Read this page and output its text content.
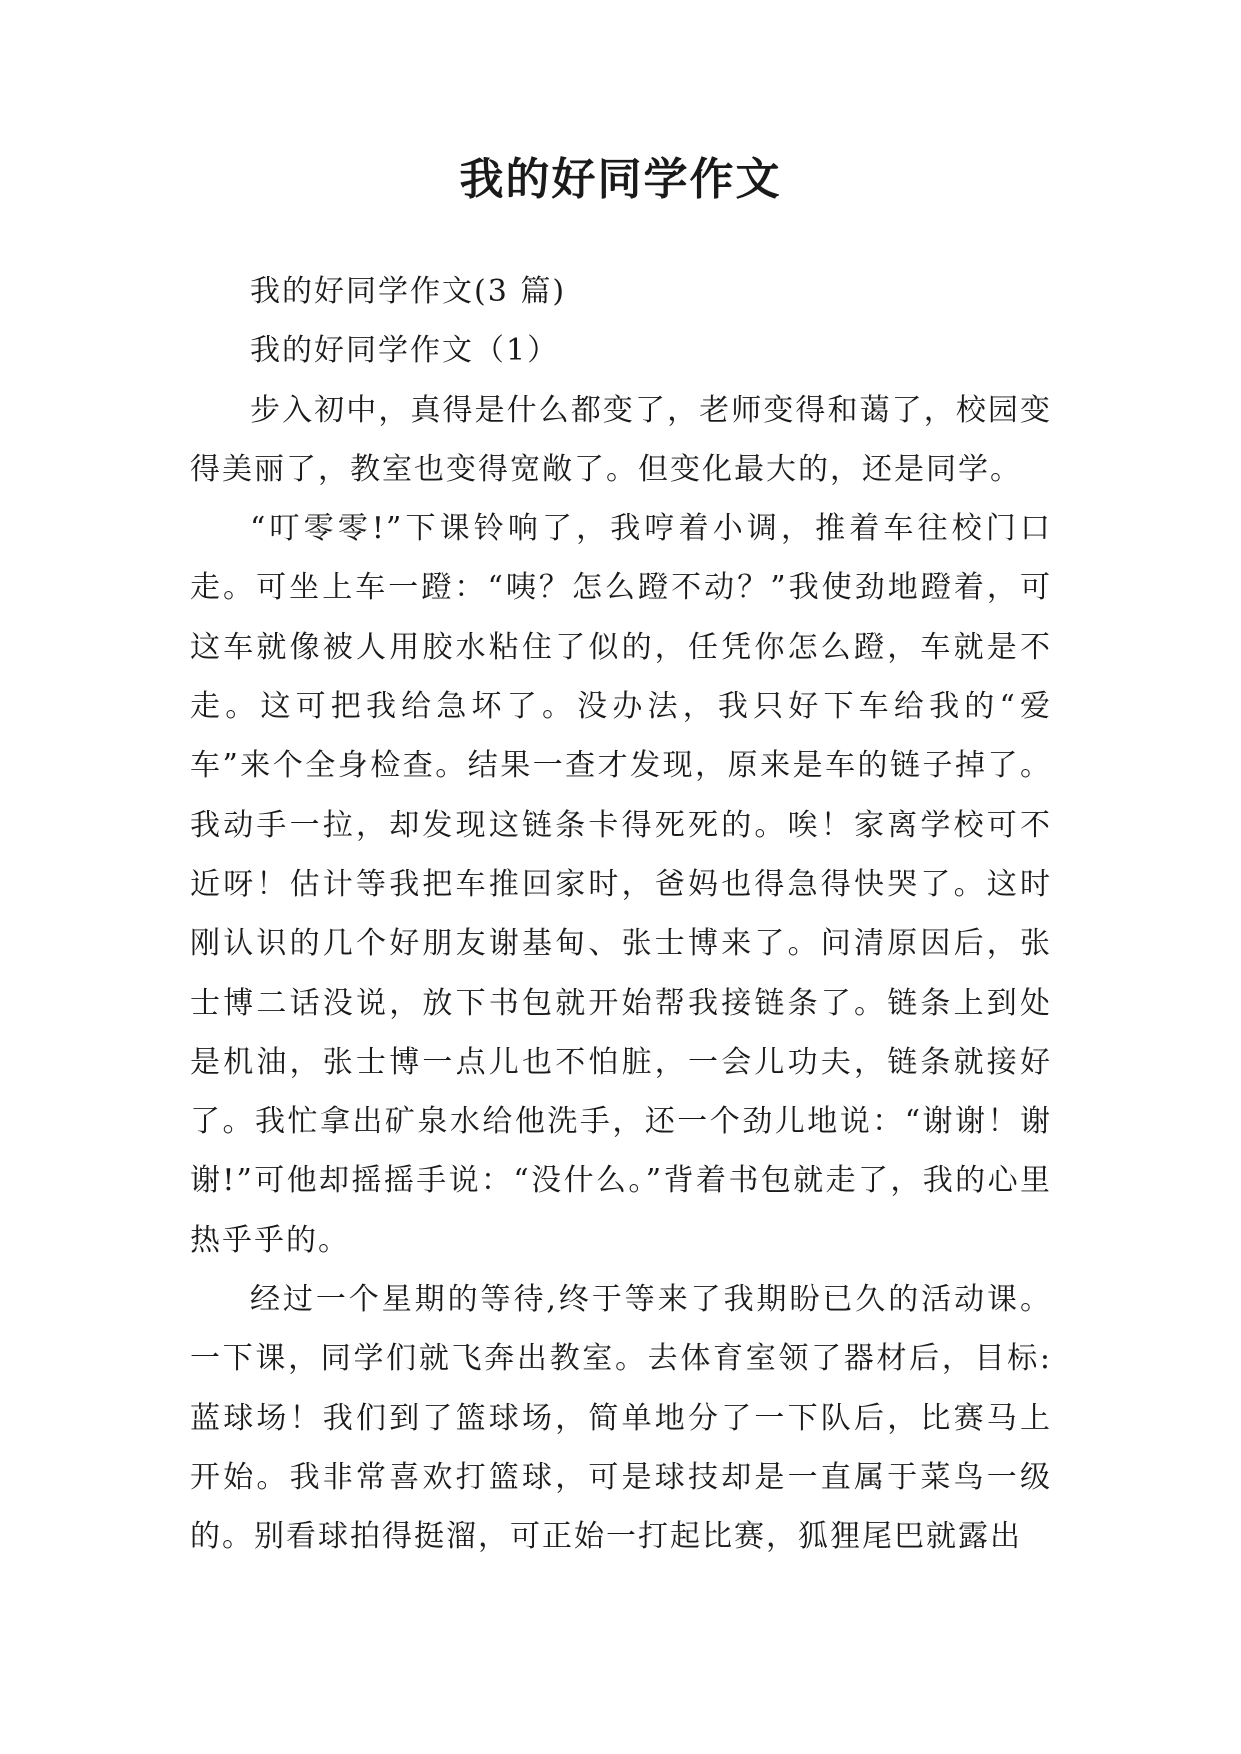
我的好同学作文

我的好同学作文(3 篇)

我的好同学作文（1）

步入初中，真得是什么都变了，老师变得和蔼了，校园变得美丽了，教室也变得宽敞了。但变化最大的，还是同学。

“叮零零!”下课铃响了，我哼着小调，推着车往校门口走。可坐上车一蹬：“咦？怎么蹬不动？”我使劲地蹬着，可这车就像被人用胶水粘住了似的，任凭你怎么蹬，车就是不走。这可把我给急坏了。没办法，我只好下车给我的“爱车”来个全身检查。结果一查才发现，原来是车的链子掉了。我动手一拉，却发现这链条卡得死死的。唉！家离学校可不近呀！估计等我把车推回家时，爸妈也得急得快哭了。这时刚认识的几个好朋友谢基甸、张士博来了。问清原因后，张士博二话没说，放下书包就开始帮我接链条了。链条上到处是机油，张士博一点儿也不怕脏，一会儿功夫，链条就接好了。我忙拿出矿泉水给他洗手，还一个劲儿地说：“谢谢！谢谢!”可他却摇摇手说：“没什么。”背着书包就走了，我的心里热乎乎的。

经过一个星期的等待,终于等来了我期盼已久的活动课。一下课，同学们就飞奔出教室。去体育室领了器材后，目标:蓝球场！我们到了篮球场，简单地分了一下队后，比赛马上开始。我非常喜欢打篮球，可是球技却是一直属于菜鸟一级的。别看球拍得挺溜，可正始一打起比赛，狐狸尾巴就露出
